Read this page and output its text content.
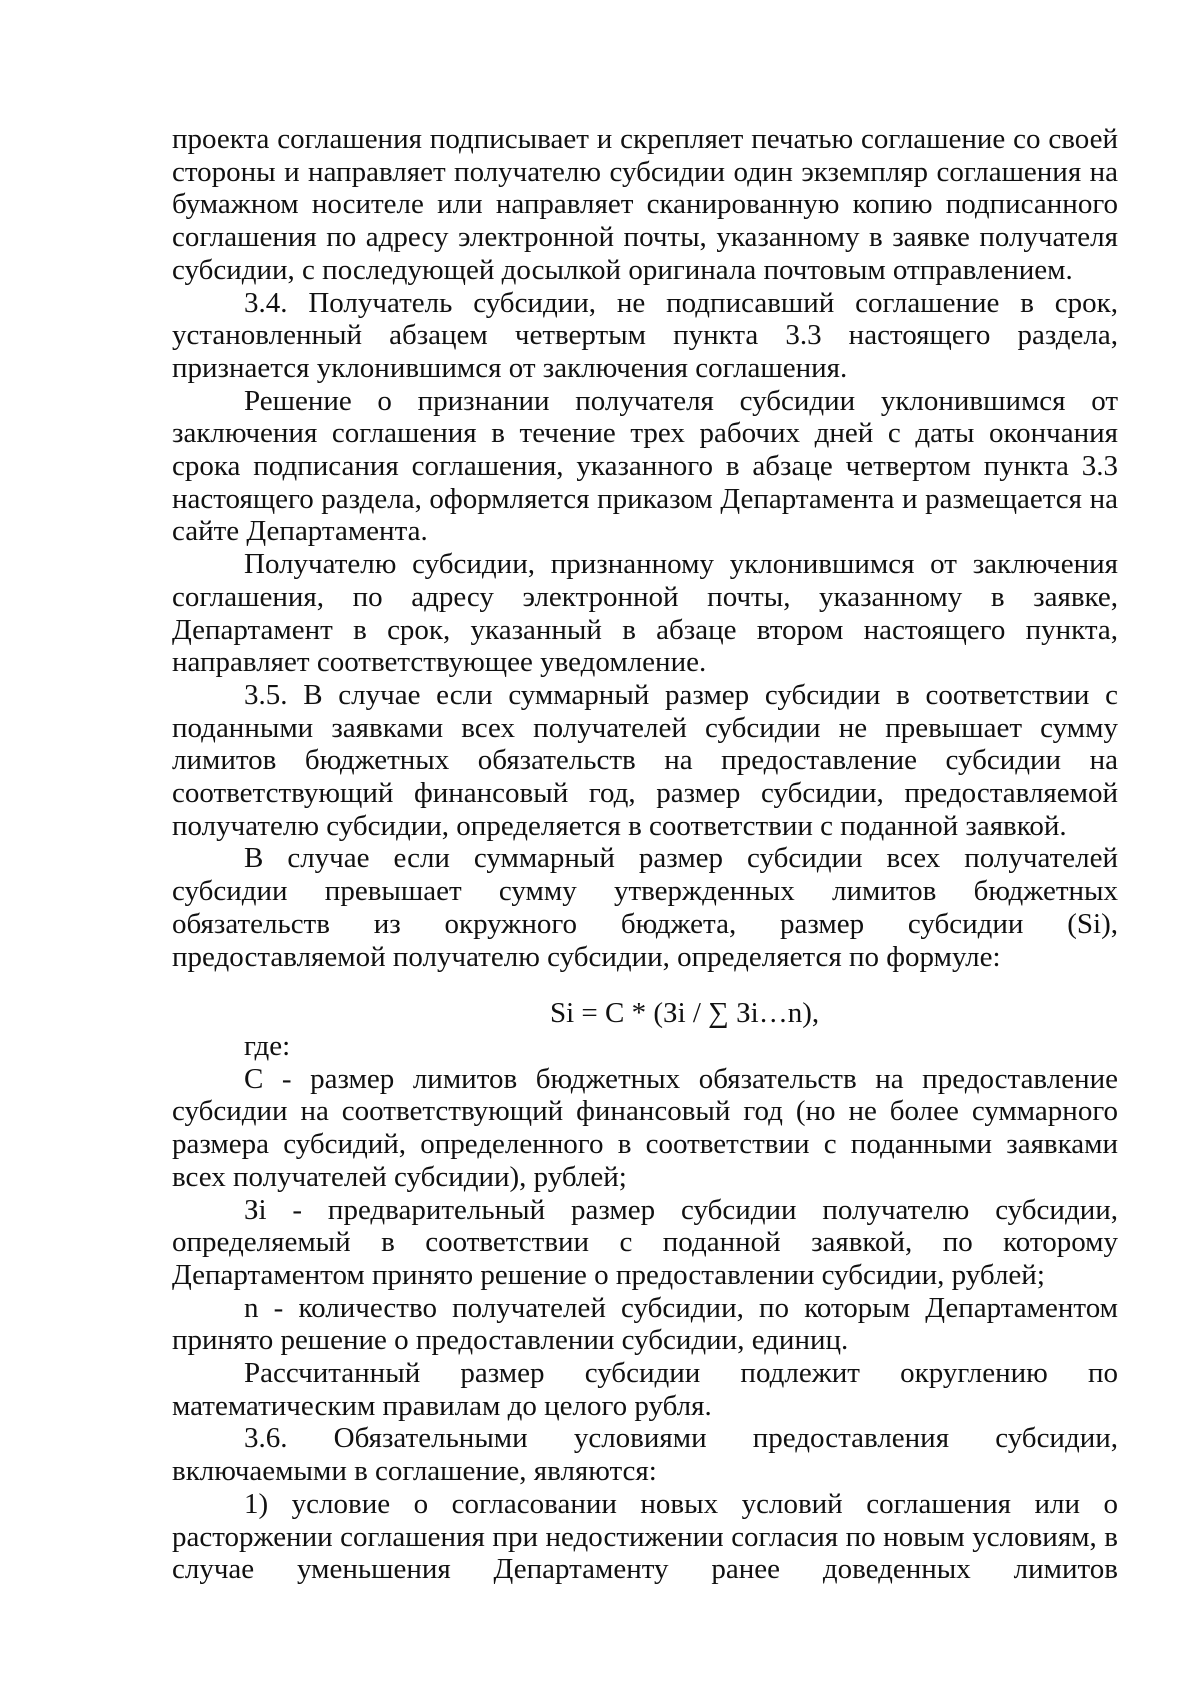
проекта соглашения подписывает и скрепляет печатью соглашение со своей стороны и направляет получателю субсидии один экземпляр соглашения на бумажном носителе или направляет сканированную копию подписанного соглашения по адресу электронной почты, указанному в заявке получателя субсидии, с последующей досылкой оригинала почтовым отправлением.

3.4. Получатель субсидии, не подписавший соглашение в срок, установленный абзацем четвертым пункта 3.3 настоящего раздела, признается уклонившимся от заключения соглашения.

Решение о признании получателя субсидии уклонившимся от заключения соглашения в течение трех рабочих дней с даты окончания срока подписания соглашения, указанного в абзаце четвертом пункта 3.3 настоящего раздела, оформляется приказом Департамента и размещается на сайте Департамента.

Получателю субсидии, признанному уклонившимся от заключения соглашения, по адресу электронной почты, указанному в заявке, Департамент в срок, указанный в абзаце втором настоящего пункта, направляет соответствующее уведомление.

3.5. В случае если суммарный размер субсидии в соответствии с поданными заявками всех получателей субсидии не превышает сумму лимитов бюджетных обязательств на предоставление субсидии на соответствующий финансовый год, размер субсидии, предоставляемой получателю субсидии, определяется в соответствии с поданной заявкой.

В случае если суммарный размер субсидии всех получателей субсидии превышает сумму утвержденных лимитов бюджетных обязательств из окружного бюджета, размер субсидии (Si), предоставляемой получателю субсидии, определяется по формуле:

Si = C * (Зi / ∑ Зi…n),

где:

С - размер лимитов бюджетных обязательств на предоставление субсидии на соответствующий финансовый год (но не более суммарного размера субсидий, определенного в соответствии с поданными заявками всех получателей субсидии), рублей;

Зi - предварительный размер субсидии получателю субсидии, определяемый в соответствии с поданной заявкой, по которому Департаментом принято решение о предоставлении субсидии, рублей;

n - количество получателей субсидии, по которым Департаментом принято решение о предоставлении субсидии, единиц.

Рассчитанный размер субсидии подлежит округлению по математическим правилам до целого рубля.

3.6. Обязательными условиями предоставления субсидии, включаемыми в соглашение, являются:

1) условие о согласовании новых условий соглашения или о расторжении соглашения при недостижении согласия по новым условиям, в случае уменьшения Департаменту ранее доведенных лимитов
